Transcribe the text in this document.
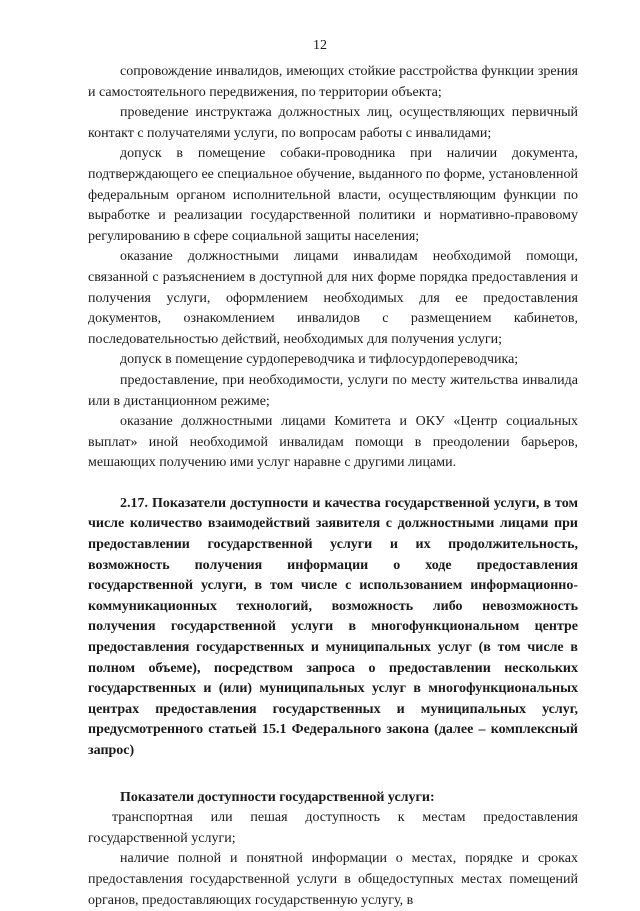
12

сопровождение инвалидов, имеющих стойкие расстройства функции зрения и самостоятельного передвижения, по территории объекта;

проведение инструктажа должностных лиц, осуществляющих первичный контакт с получателями услуги, по вопросам работы с инвалидами;

допуск в помещение собаки-проводника при наличии документа, подтверждающего ее специальное обучение, выданного по форме, установленной федеральным органом исполнительной власти, осуществляющим функции по выработке и реализации государственной политики и нормативно-правовому регулированию в сфере социальной защиты населения;

оказание должностными лицами инвалидам необходимой помощи, связанной с разъяснением в доступной для них форме порядка предоставления и получения услуги, оформлением необходимых для ее предоставления документов, ознакомлением инвалидов с размещением кабинетов, последовательностью действий, необходимых для получения услуги;

допуск в помещение сурдопереводчика и тифлосурдопереводчика;

предоставление, при необходимости, услуги по месту жительства инвалида или в дистанционном режиме;

оказание должностными лицами Комитета и ОКУ «Центр социальных выплат» иной необходимой инвалидам помощи в преодолении барьеров, мешающих получению ими услуг наравне с другими лицами.

2.17. Показатели доступности и качества государственной услуги, в том числе количество взаимодействий заявителя с должностными лицами при предоставлении государственной услуги и их продолжительность, возможность получения информации о ходе предоставления государственной услуги, в том числе с использованием информационно-коммуникационных технологий, возможность либо невозможность получения государственной услуги в многофункциональном центре предоставления государственных и муниципальных услуг (в том числе в полном объеме), посредством запроса о предоставлении нескольких государственных и (или) муниципальных услуг в многофункциональных центрах предоставления государственных и муниципальных услуг, предусмотренного статьей 15.1 Федерального закона (далее – комплексный запрос)

Показатели доступности государственной услуги:

транспортная или пешая доступность к местам предоставления государственной услуги;

наличие полной и понятной информации о местах, порядке и сроках предоставления государственной услуги в общедоступных местах помещений органов, предоставляющих государственную услугу, в
